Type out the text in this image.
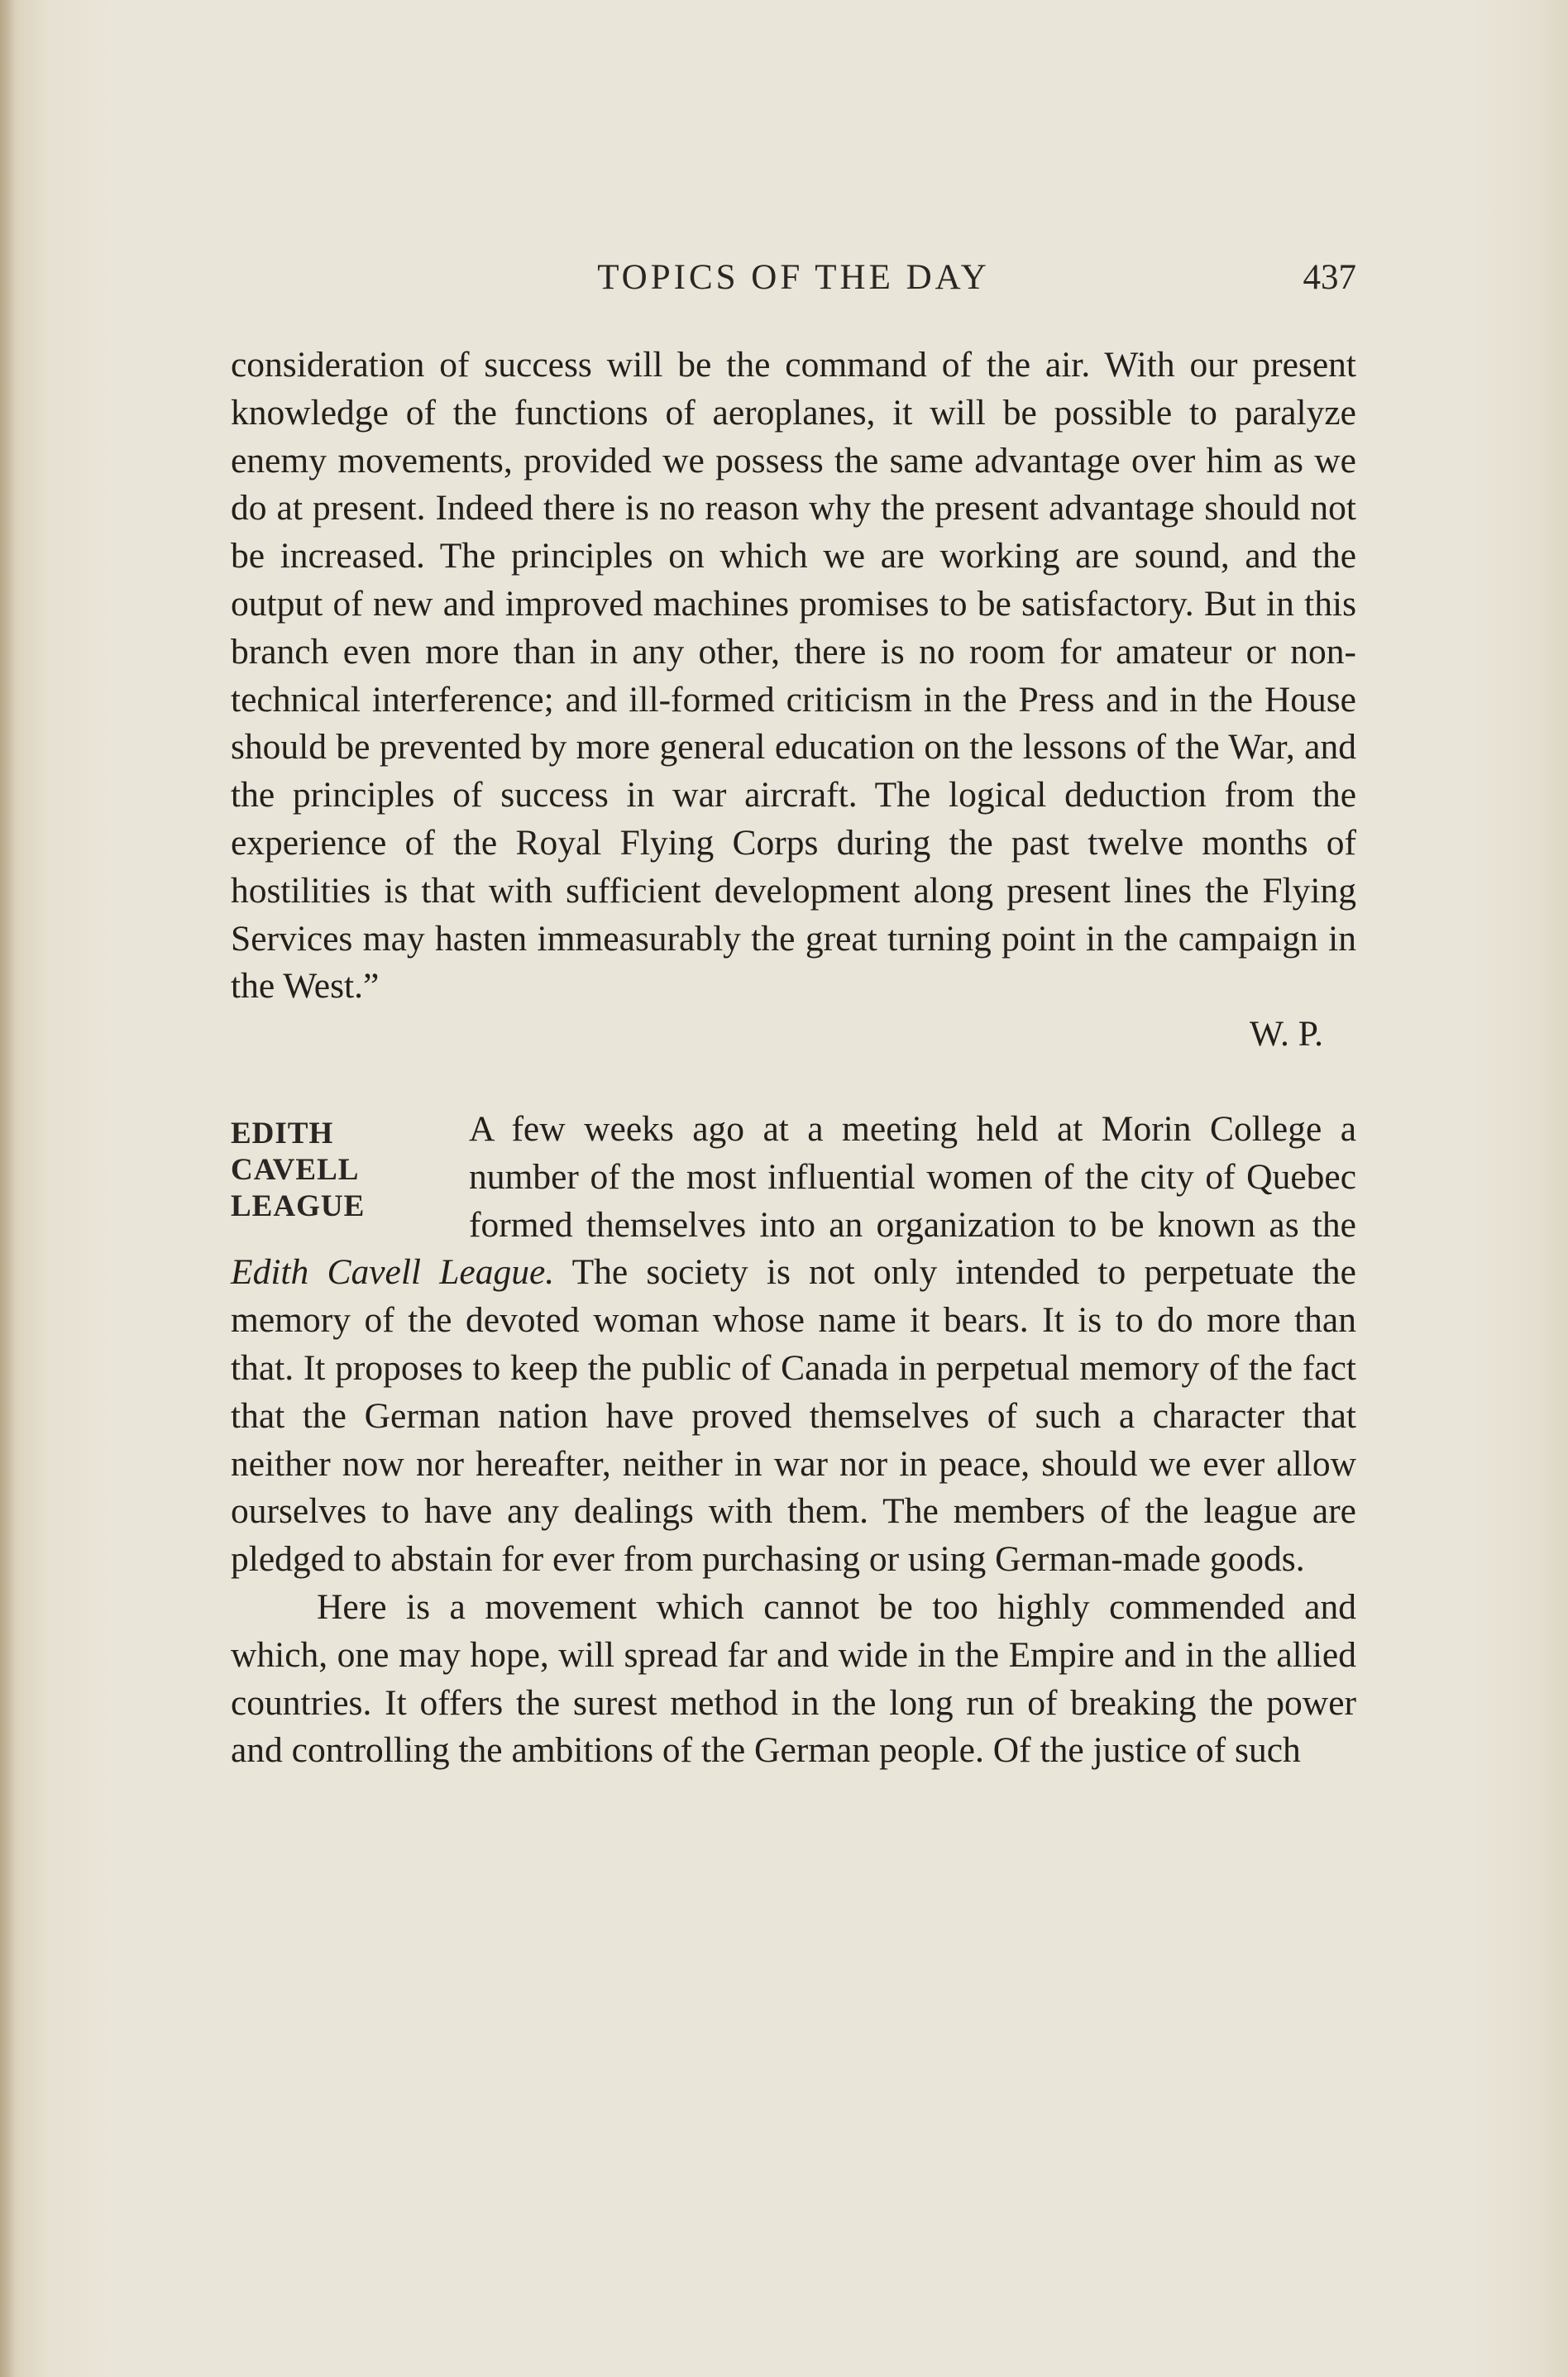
TOPICS OF THE DAY	437

consideration of success will be the command of the air. With our present knowledge of the functions of aeroplanes, it will be possible to paralyze enemy movements, provided we possess the same advantage over him as we do at present. Indeed there is no reason why the present advantage should not be increased. The principles on which we are working are sound, and the output of new and improved machines promises to be satisfactory. But in this branch even more than in any other, there is no room for amateur or non-technical interference; and ill-formed criticism in the Press and in the House should be prevented by more general education on the lessons of the War, and the principles of success in war aircraft. The logical deduction from the experience of the Royal Flying Corps during the past twelve months of hostilities is that with sufficient development along present lines the Flying Services may hasten immeasurably the great turning point in the campaign in the West.”

W. P.

EDITH
CAVELL
LEAGUE

A few weeks ago at a meeting held at Morin College a number of the most influential women of the city of Quebec formed themselves into an organization to be known as the Edith Cavell League. The society is not only intended to perpetuate the memory of the devoted woman whose name it bears. It is to do more than that. It proposes to keep the public of Canada in perpetual memory of the fact that the German nation have proved themselves of such a character that neither now nor hereafter, neither in war nor in peace, should we ever allow ourselves to have any dealings with them. The members of the league are pledged to abstain for ever from purchasing or using German-made goods.

Here is a movement which cannot be too highly commended and which, one may hope, will spread far and wide in the Empire and in the allied countries. It offers the surest method in the long run of breaking the power and controlling the ambitions of the German people. Of the justice of such
